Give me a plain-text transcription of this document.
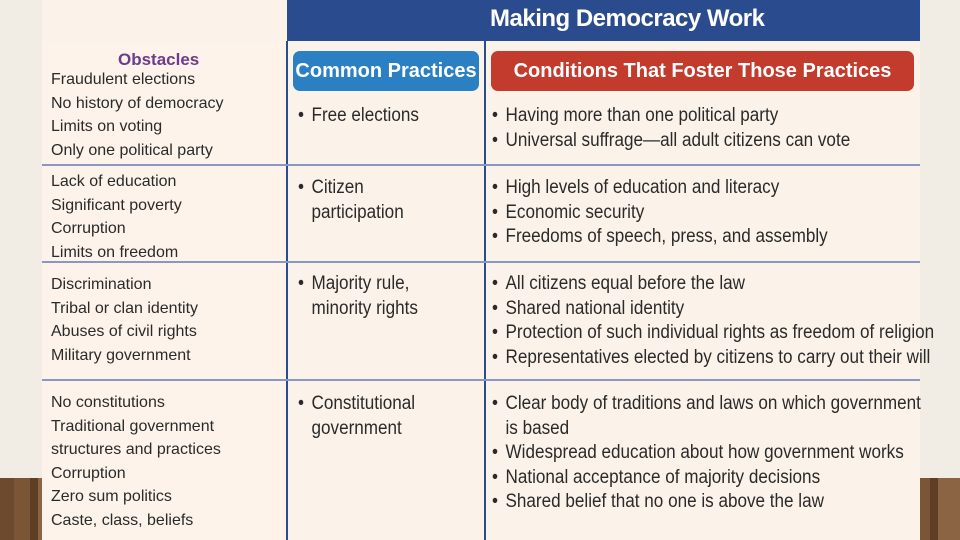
Making Democracy Work
Common Practices	Conditions That Foster Those Practices
Obstacles
Fraudulent elections
No history of democracy
Limits on voting
Only one political party
Lack of education
Significant poverty
Corruption
Limits on freedom
Discrimination
Tribal or clan identity
Abuses of civil rights
Military government
No constitutions
Traditional government
structures and practices
Corruption
Zero sum politics
Caste, class, beliefs
• Free elections
• Citizen
participation
• Majority rule,
minority rights
• Constitutional
government
• Having more than one political party
• Universal suffrage—all adult citizens can vote
• High levels of education and literacy
• Economic security
• Freedoms of speech, press, and assembly
• All citizens equal before the law
• Shared national identity
• Protection of such individual rights as freedom of religion
• Representatives elected by citizens to carry out their will
• Clear body of traditions and laws on which government
is based
• Widespread education about how government works
• National acceptance of majority decisions
• Shared belief that no one is above the law
